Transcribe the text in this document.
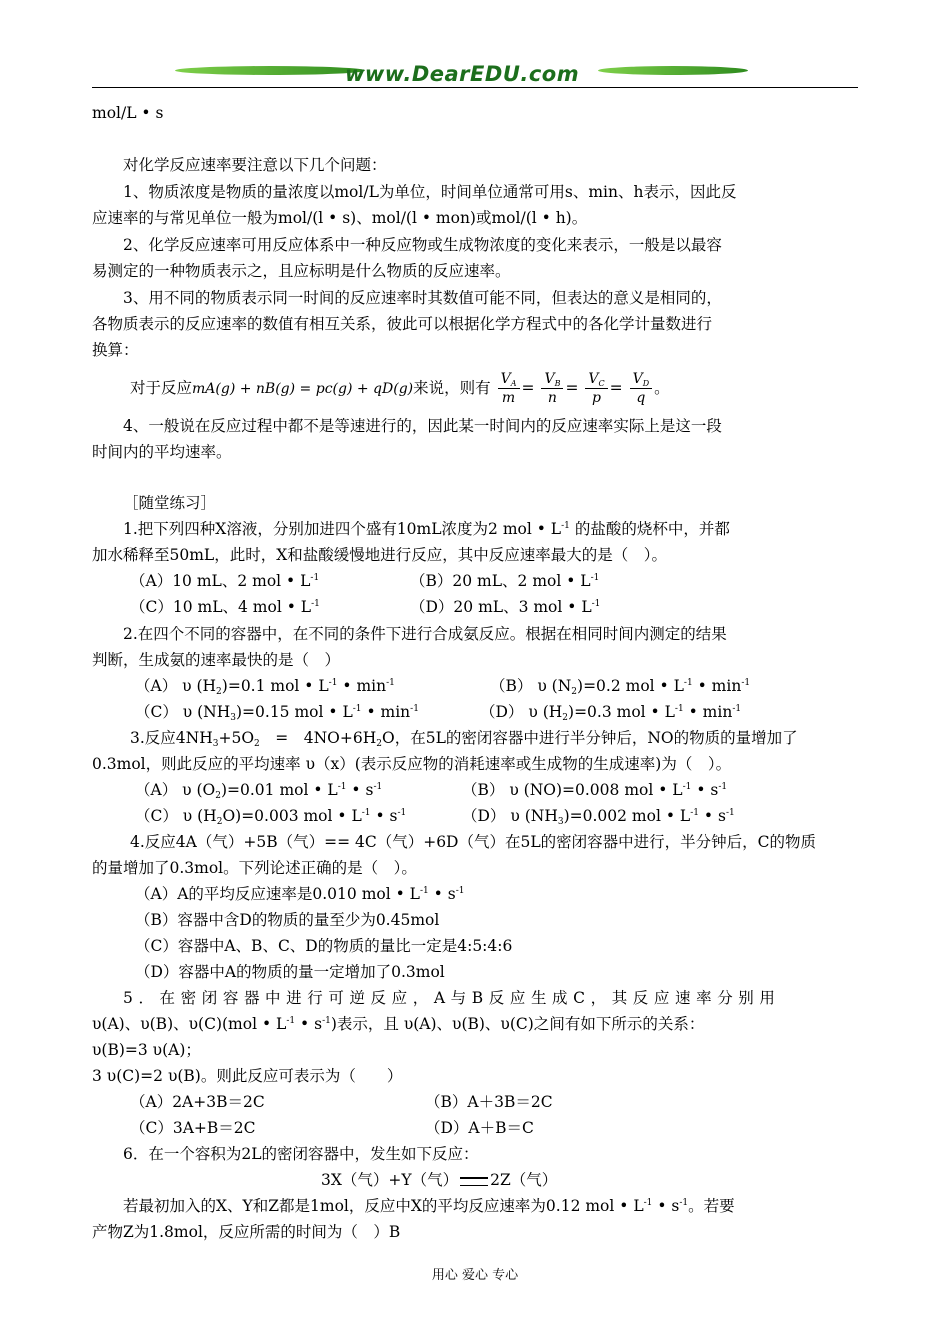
www.DearEDU.com
mol/L • s
对化学反应速率要注意以下几个问题：
1、物质浓度是物质的量浓度以mol/L为单位，时间单位通常可用s、min、h表示，因此反
应速率的与常见单位一般为mol/(l • s)、mol/(l • mon)或mol/(l • h)。
2、化学反应速率可用反应体系中一种反应物或生成物浓度的变化来表示，一般是以最容
易测定的一种物质表示之，且应标明是什么物质的反应速率。
3、用不同的物质表示同一时间的反应速率时其数值可能不同，但表达的意义是相同的，
各物质表示的反应速率的数值有相互关系，彼此可以根据化学方程式中的各化学计量数进行
换算：
对于反应mA(g) + nB(g) = pc(g) + qD(g)来说，则有 $\frac{V_A}{m} = \frac{V_B}{n} = \frac{V_C}{p} = \frac{V_D}{q}$ 。
4、一般说在反应过程中都不是等速进行的，因此某一时间内的反应速率实际上是这一段
时间内的平均速率。
［随堂练习］
1.把下列四种X溶液，分别加进四个盛有10mL浓度为2 mol • $L^{-1}$ 的盐酸的烧杯中，并都
加水稀释至50mL，此时，X和盐酸缓慢地进行反应，其中反应速率最大的是（　）。
（A）10 mL、2 mol • $L^{-1}$	（B）20 mL、2 mol • $L^{-1}$
（C）10 mL、4 mol • $L^{-1}$	（D）20 mL、3 mol • $L^{-1}$
2.在四个不同的容器中，在不同的条件下进行合成氨反应。根据在相同时间内测定的结果
判断，生成氨的速率最快的是（　）
（A） υ $(H_2)=0.1$ mol • $L^{-1}$ • $\min^{-1}$	（B） υ $(N_2)=0.2$ mol • $L^{-1}$ • $\min^{-1}$
（C） υ $(NH_3)=0.15$ mol • $L^{-1}$ • $\min^{-1}$	（D） υ $(H_2)=0.3$ mol • $L^{-1}$ • $\min^{-1}$
3.反应$4NH_3+5O_2$　=　$4NO+6H_2O$，在5L的密闭容器中进行半分钟后，NO的物质的量增加了
0.3mol，则此反应的平均速率 υ（x）(表示反应物的消耗速率或生成物的生成速率)为（　）。
（A） υ $(O_2)=0.01$ mol • $L^{-1}$ • $s^{-1}$	（B） υ (NO)=0.008 mol • $L^{-1}$ • $s^{-1}$
（C） υ $(H_2O)=0.003$ mol • $L^{-1}$ • $s^{-1}$	（D） υ $(NH_3)=0.002$ mol • $L^{-1}$ • $s^{-1}$
4.反应4A（气）+5B（气）== 4C（气）+6D（气）在5L的密闭容器中进行，半分钟后，C的物质
的量增加了0.3mol。下列论述正确的是（　）。
（A）A的平均反应速率是0.010 mol • $L^{-1}$ • $s^{-1}$
（B）容器中含D的物质的量至少为0.45mol
（C）容器中A、B、C、D的物质的量比一定是4:5:4:6
（D）容器中A的物质的量一定增加了0.3mol
5．在密闭容器中进行可逆反应，A与B反应生成C，其反应速率分别用
υ(A)、υ(B)、υ(C)(mol • $L^{-1}$ • $s^{-1}$)表示，且 υ(A)、υ(B)、υ(C)之间有如下所示的关系：
υ(B)=3 υ(A)；
3 υ(C)=2 υ(B)。则此反应可表示为（　　）
（A）2A+3B＝2C	（B）A＋3B＝2C
（C）3A+B＝2C	（D）A＋B＝C
6．在一个容积为2L的密闭容器中，发生如下反应：
3X（气）+Y（气） 2Z（气）
若最初加入的X、Y和Z都是1mol，反应中X的平均反应速率为0.12 mol • $L^{-1}$ • $s^{-1}$。若要
产物Z为1.8mol，反应所需的时间为（　）B
用心 爱心 专心
